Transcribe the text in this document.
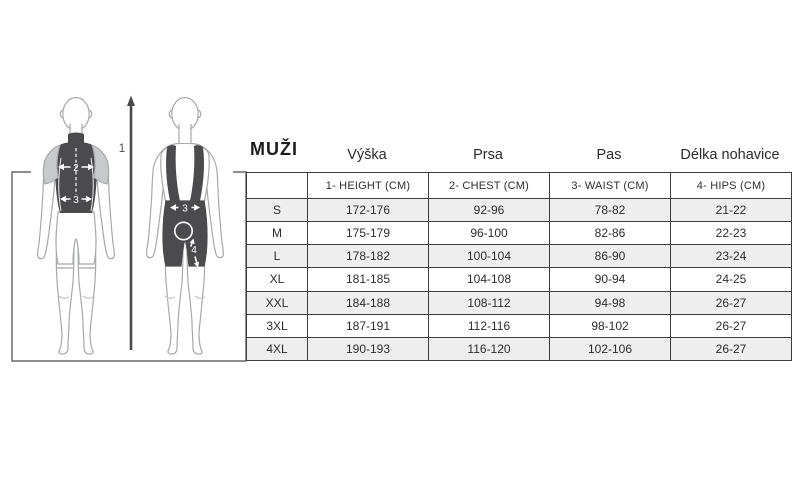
2
3
1
3
4
MUŽI	Výška	Prsa	Pas	Délka nohavice
	1- HEIGHT (CM)	2- CHEST (CM)	3- WAIST (CM)	4- HIPS (CM)
S	172-176	92-96	78-82	21-22
M	175-179	96-100	82-86	22-23
L	178-182	100-104	86-90	23-24
XL	181-185	104-108	90-94	24-25
XXL	184-188	108-112	94-98	26-27
3XL	187-191	112-116	98-102	26-27
4XL	190-193	116-120	102-106	26-27
